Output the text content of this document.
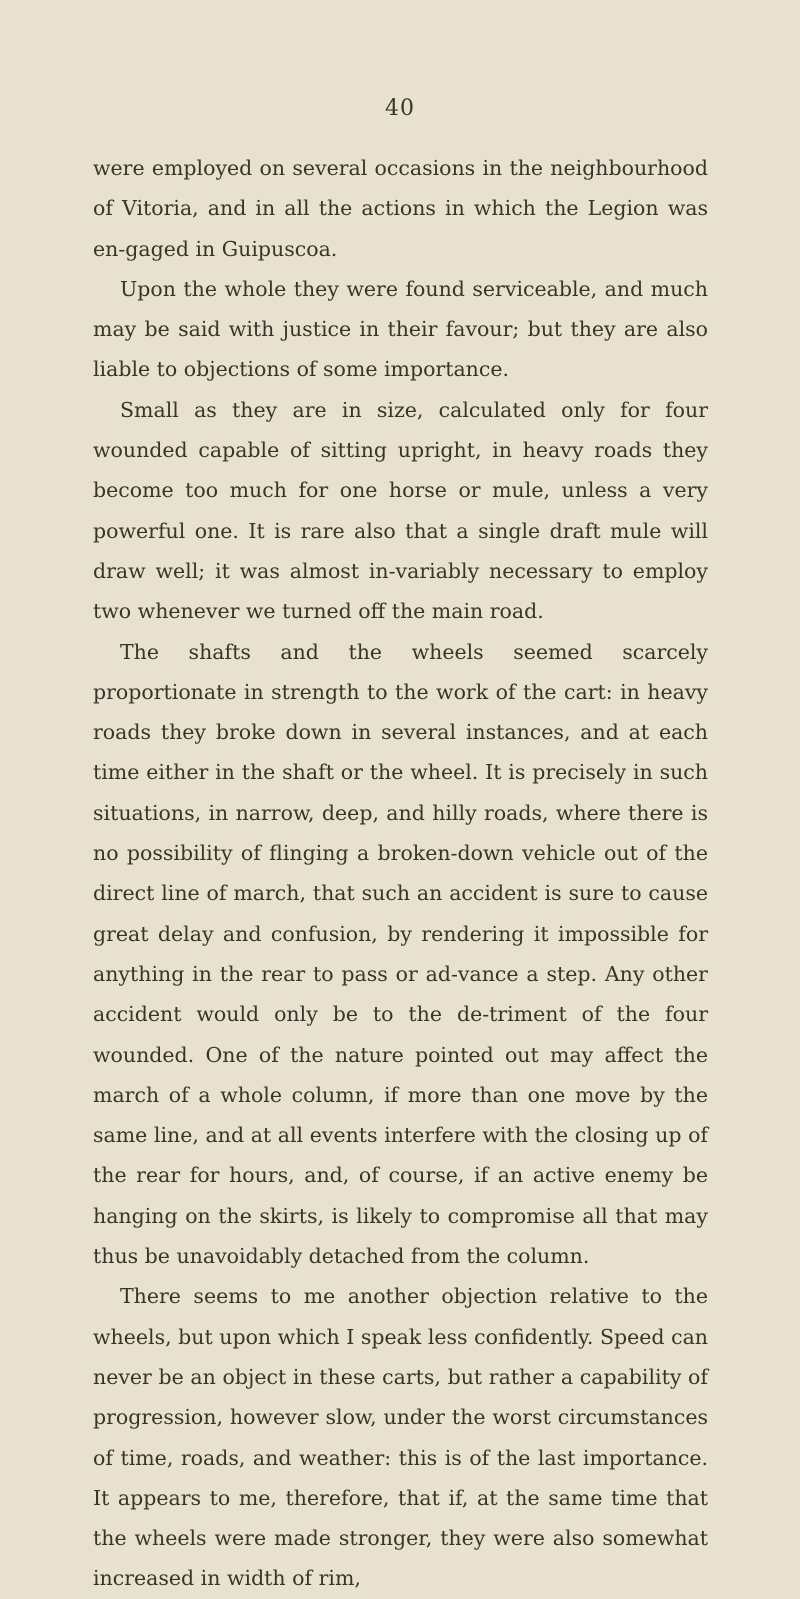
40

were employed on several occasions in the neighbourhood of Vitoria, and in all the actions in which the Legion was en-gaged in Guipuscoa.

Upon the whole they were found serviceable, and much may be said with justice in their favour; but they are also liable to objections of some importance.

Small as they are in size, calculated only for four wounded capable of sitting upright, in heavy roads they become too much for one horse or mule, unless a very powerful one. It is rare also that a single draft mule will draw well; it was almost in-variably necessary to employ two whenever we turned off the main road.

The shafts and the wheels seemed scarcely proportionate in strength to the work of the cart: in heavy roads they broke down in several instances, and at each time either in the shaft or the wheel. It is precisely in such situations, in narrow, deep, and hilly roads, where there is no possibility of flinging a broken-down vehicle out of the direct line of march, that such an accident is sure to cause great delay and confusion, by rendering it impossible for anything in the rear to pass or ad-vance a step. Any other accident would only be to the de-triment of the four wounded. One of the nature pointed out may affect the march of a whole column, if more than one move by the same line, and at all events interfere with the closing up of the rear for hours, and, of course, if an active enemy be hanging on the skirts, is likely to compromise all that may thus be unavoidably detached from the column.

There seems to me another objection relative to the wheels, but upon which I speak less confidently. Speed can never be an object in these carts, but rather a capability of progression, however slow, under the worst circumstances of time, roads, and weather: this is of the last importance. It appears to me, therefore, that if, at the same time that the wheels were made stronger, they were also somewhat increased in width of rim,
